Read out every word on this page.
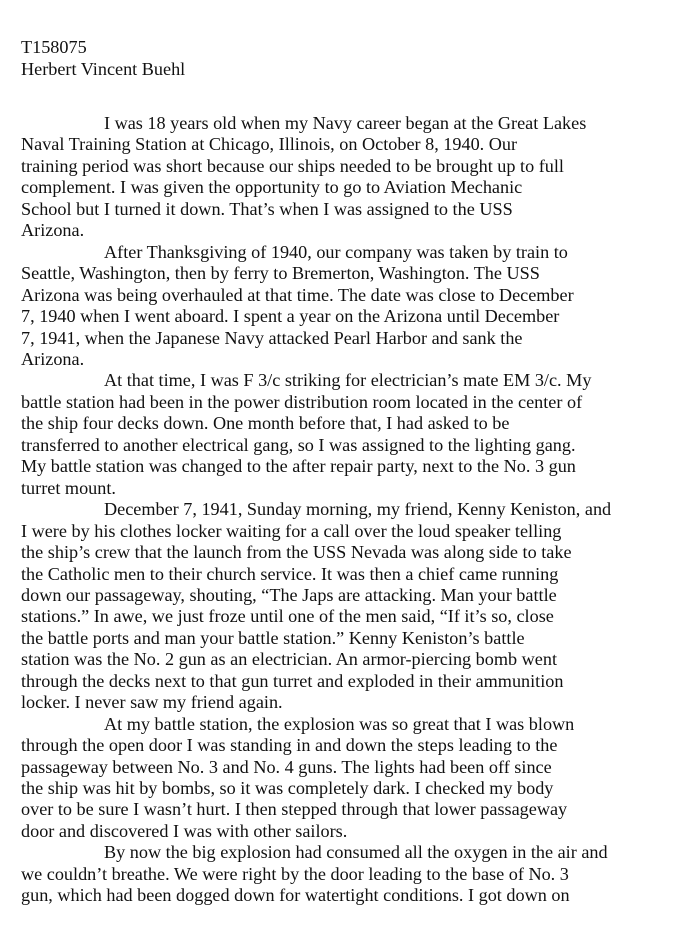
T158075
Herbert Vincent Buehl
I was 18 years old when my Navy career began at the Great Lakes
Naval Training Station at Chicago, Illinois, on October 8, 1940. Our
training period was short because our ships needed to be brought up to full
complement. I was given the opportunity to go to Aviation Mechanic
School but I turned it down. That’s when I was assigned to the USS
Arizona.
After Thanksgiving of 1940, our company was taken by train to
Seattle, Washington, then by ferry to Bremerton, Washington. The USS
Arizona was being overhauled at that time. The date was close to December
7, 1940 when I went aboard. I spent a year on the Arizona until December
7, 1941, when the Japanese Navy attacked Pearl Harbor and sank the
Arizona.
At that time, I was F 3/c striking for electrician’s mate EM 3/c. My
battle station had been in the power distribution room located in the center of
the ship four decks down. One month before that, I had asked to be
transferred to another electrical gang, so I was assigned to the lighting gang.
My battle station was changed to the after repair party, next to the No. 3 gun
turret mount.
December 7, 1941, Sunday morning, my friend, Kenny Keniston, and
I were by his clothes locker waiting for a call over the loud speaker telling
the ship’s crew that the launch from the USS Nevada was along side to take
the Catholic men to their church service. It was then a chief came running
down our passageway, shouting, “The Japs are attacking. Man your battle
stations.” In awe, we just froze until one of the men said, “If it’s so, close
the battle ports and man your battle station.” Kenny Keniston’s battle
station was the No. 2 gun as an electrician. An armor-piercing bomb went
through the decks next to that gun turret and exploded in their ammunition
locker. I never saw my friend again.
At my battle station, the explosion was so great that I was blown
through the open door I was standing in and down the steps leading to the
passageway between No. 3 and No. 4 guns. The lights had been off since
the ship was hit by bombs, so it was completely dark. I checked my body
over to be sure I wasn’t hurt. I then stepped through that lower passageway
door and discovered I was with other sailors.
By now the big explosion had consumed all the oxygen in the air and
we couldn’t breathe. We were right by the door leading to the base of No. 3
gun, which had been dogged down for watertight conditions. I got down on
